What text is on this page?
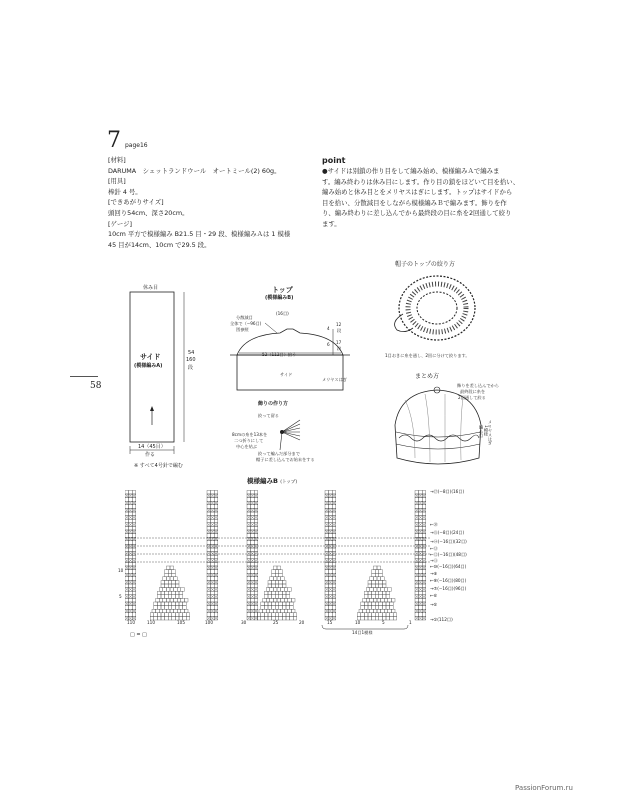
7 page16
[材料]
DARUMA　シェットランドウール　オートミール(2) 60g。
[用具]
棒針 4 号。
[できあがりサイズ]
頭回り54cm、深さ20cm。
[ゲージ]
10cm 平方で模様編み B21.5 目・29 段、模様編みＡは 1 模様
45 目が14cm、10cm で29.5 段。
point
●サイドは別鎖の作り目をして編み始め、模様編みＡで編みま
す。編み終わりは休み目にします。作り目の鎖をほどいて目を拾い、
編み始めと休み目とをメリヤスはぎにします。トップはサイドから
目を拾い、分散減目をしながら模様編みＢで編みます。飾りを作
り、編み終わりに差し込んでから最終段の目に糸を2回通して絞り
ます。
58
休み目
サイド
(模様編みA)
54
160
段
14（45目）
作る
※ すべて4号針で編む
トップ
(模様編みB)
(16目)
分散減目
全体で（−96目)
図参照	4
12
段
6 17
段
52（112目）拾う
サイド
メリヤスはぎ
飾りの作り方
絞って留る
8cmの糸を13本を
二つ折りにして
中心を結ぶ
絞って編んだ部分まで
帽子に差し込んでお始末をする
帽子のトップの絞り方
1目おきに糸を通し、2回に分けて絞ります。
まとめ方
飾りを差し込んでから
最終段に糸を
2回通して絞る
メリヤスはぎ
1模様
編み目
模様編みB (トップ)
10
5
110	110	105	100	30	25	20	15	10	5	1
14目1模様
□ = □
→⑰(−8目)(16目)
←⑳
→⑮(−8目)(24目)
→⑭(−16目)(32目)
←⑬
←⑫(−16目)(48目)
→⑪
←⑩(−16目)(64目)
→⑨
←⑧(−16目)(80目)
→⑦(−16目)(96目)
←⑥
→⑤
→①(112目)
PassionForum.ru
